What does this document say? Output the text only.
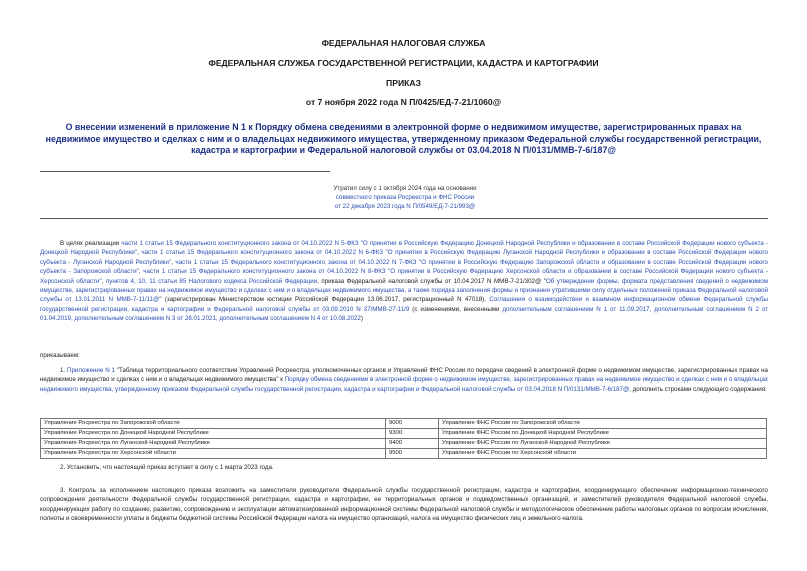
ФЕДЕРАЛЬНАЯ НАЛОГОВАЯ СЛУЖБА
ФЕДЕРАЛЬНАЯ СЛУЖБА ГОСУДАРСТВЕННОЙ РЕГИСТРАЦИИ, КАДАСТРА И КАРТОГРАФИИ
ПРИКАЗ
от 7 ноября 2022 года N П/0425/ЕД-7-21/1060@
О внесении изменений в приложение N 1 к Порядку обмена сведениями в электронной форме о недвижимом имуществе, зарегистрированных правах на недвижимое имущество и сделках с ним и о владельцах недвижимого имущества, утвержденному приказом Федеральной службы государственной регистрации, кадастра и картографии и Федеральной налоговой службы от 03.04.2018 N П/0131/ММВ-7-6/187@
Утратил силу с 1 октября 2024 года на основании
совместного приказа Росреестра и ФНС России
от 22 декабря 2023 года N П/0549/ЕД-7-21/993@
В целях реализации части 1 статьи 15 Федерального конституционного закона от 04.10.2022 N 5-ФКЗ "О принятии в Российскую Федерацию Донецкой Народной Республики и образовании в составе Российской Федерации нового субъекта - Донецкой Народной Республики", части 1 статьи 15 Федерального конституционного закона от 04.10.2022 N 6-ФКЗ "О принятии в Российскую Федерацию Луганской Народной Республики и образовании в составе Российской Федерации нового субъекта - Луганской Народной Республики", части 1 статьи 15 Федерального конституционного закона от 04.10.2022 N 7-ФКЗ "О принятии в Российскую Федерацию Запорожской области и образовании в составе Российской Федерации нового субъекта - Запорожской области", части 1 статьи 15 Федерального конституционного закона от 04.10.2022 N 8-ФКЗ "О принятии в Российскую Федерацию Херсонской области и образовании в составе Российской Федерации нового субъекта - Херсонской области", пунктов 4, 10, 11 статьи 85 Налогового кодекса Российской Федерации, приказа Федеральной налоговой службы от 10.04.2017 N ММВ-7-21/302@ "Об утверждении формы, формата представления сведений о недвижимом имуществе, зарегистрированных правах на недвижимое имущество и сделках с ним и о владельцах недвижимого имущества, а также порядка заполнения формы и признании утратившими силу отдельных положений приказа Федеральной налоговой службы от 13.01.2011 N ММВ-7-11/11@" (зарегистрирован Министерством юстиции Российской Федерации 13.06.2017, регистрационный N 47018), Соглашения о взаимодействии и взаимном информационном обмене Федеральной службы государственной регистрации, кадастра и картографии и Федеральной налоговой службы от 03.09.2010 N 37/ММВ-27-11/9 (с изменениями, внесенными дополнительным соглашением N 1 от 11.09.2017, дополнительным соглашением N 2 от 01.04.2019, дополнительным соглашением N 3 от 26.01.2021, дополнительным соглашением N 4 от 10.08.2022)
приказываем:
1. Приложение N 1 "Таблица территориального соответствия Управлений Росреестра, уполномоченных органов и Управлений ФНС России по передаче сведений в электронной форме о недвижимом имуществе, зарегистрированных правах на недвижимое имущество и сделках с ним и о владельцах недвижимого имущества" к Порядку обмена сведениями в электронной форме о недвижимом имуществе, зарегистрированных правах на недвижимое имущество и сделках с ним и о владельцах недвижимого имущества, утвержденному приказом Федеральной службы государственной регистрации, кадастра и картографии и Федеральной налоговой службы от 03.04.2018 N П/0131/ММВ-7-6/187@, дополнить строками следующего содержания:
Управление Росреестра по Запорожской области	9000	Управление ФНС России по Запорожской области
Управление Росреестра по Донецкой Народной Республике	9300	Управление ФНС России по Донецкой Народной Республике
Управление Росреестра по Луганской Народной Республике	9400	Управление ФНС России по Луганской Народной Республике
Управление Росреестра по Херсонской области	9500	Управление ФНС России по Херсонской области
2. Установить, что настоящий приказ вступает в силу с 1 марта 2023 года.
3. Контроль за исполнением настоящего приказа возложить на заместителя руководителя Федеральной службы государственной регистрации, кадастра и картографии, координирующего обеспечение информационно-технического сопровождения деятельности Федеральной службы государственной регистрации, кадастра и картографии, ее территориальных органов и подведомственных организаций, и заместителей руководителя Федеральной налоговой службы, координирующих работу по созданию, развитию, сопровождению и эксплуатации автоматизированной информационной системы Федеральной налоговой службы и методологическое обеспечение работы налоговых органов по вопросам исчисления, полноты и своевременности уплаты в бюджеты бюджетной системы Российской Федерации налога на имущество организаций, налога на имущество физических лиц и земельного налога.
